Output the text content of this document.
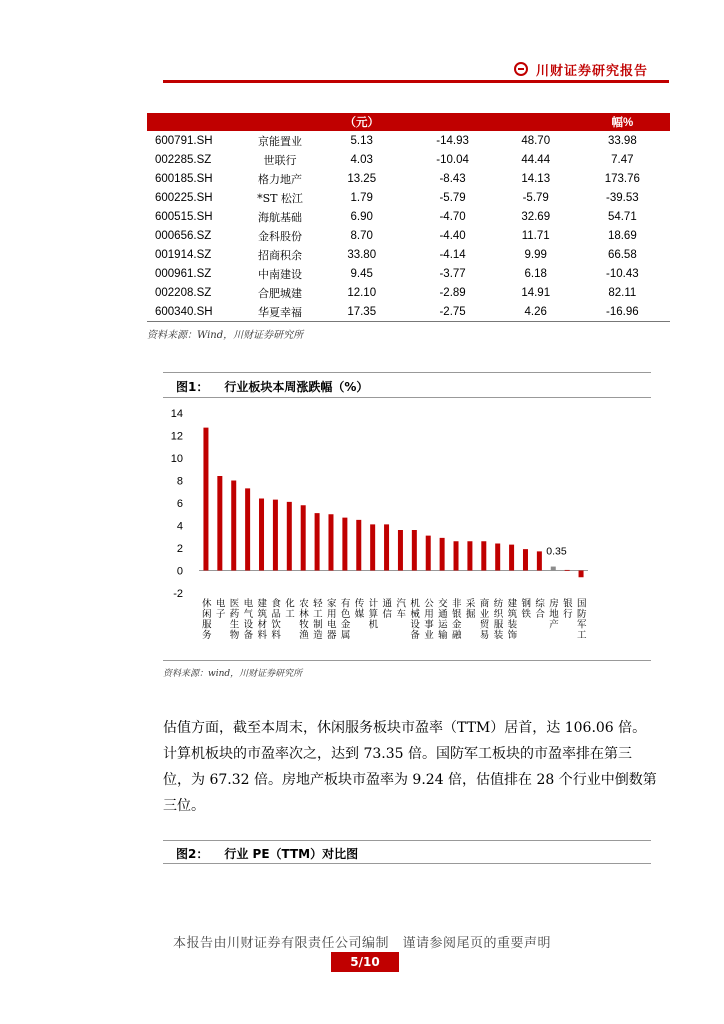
川财证券研究报告
		（元）			幅%
600791.SH	京能置业	5.13	-14.93	48.70	33.98
002285.SZ	世联行	4.03	-10.04	44.44	7.47
600185.SH	格力地产	13.25	-8.43	14.13	173.76
600225.SH	*ST 松江	1.79	-5.79	-5.79	-39.53
600515.SH	海航基础	6.90	-4.70	32.69	54.71
000656.SZ	金科股份	8.70	-4.40	11.71	18.69
001914.SZ	招商积余	33.80	-4.14	9.99	66.58
000961.SZ	中南建设	9.45	-3.77	6.18	-10.43
002208.SZ	合肥城建	12.10	-2.89	14.91	82.11
600340.SH	华夏幸福	17.35	-2.75	4.26	-16.96
资料来源：Wind，川财证券研究所
图1： 行业板块本周涨跌幅（%）
-2
0
2
4
6
8
10
12
14
休闲服务
电子
医药生物
电气设备
建筑材料
食品饮料
化工
农林牧渔
轻工制造
家用电器
有色金属
传媒
计算机
通信
汽车
机械设备
公用事业
交通运输
非银金融
采掘
商业贸易
纺织服装
建筑装饰
钢铁
综合
房地产
0.35
银行
国防军工
资料来源：wind，川财证券研究所

估值方面，截至本周末，休闲服务板块市盈率（TTM）居首，达 106.06 倍。

计算机板块的市盈率次之，达到 73.35 倍。国防军工板块的市盈率排在第三

位，为 67.32 倍。房地产板块市盈率为 9.24 倍，估值排在 28 个行业中倒数第

三位。

图2： 行业 PE（TTM）对比图
本报告由川财证券有限责任公司编制　谨请参阅尾页的重要声明
5/10
